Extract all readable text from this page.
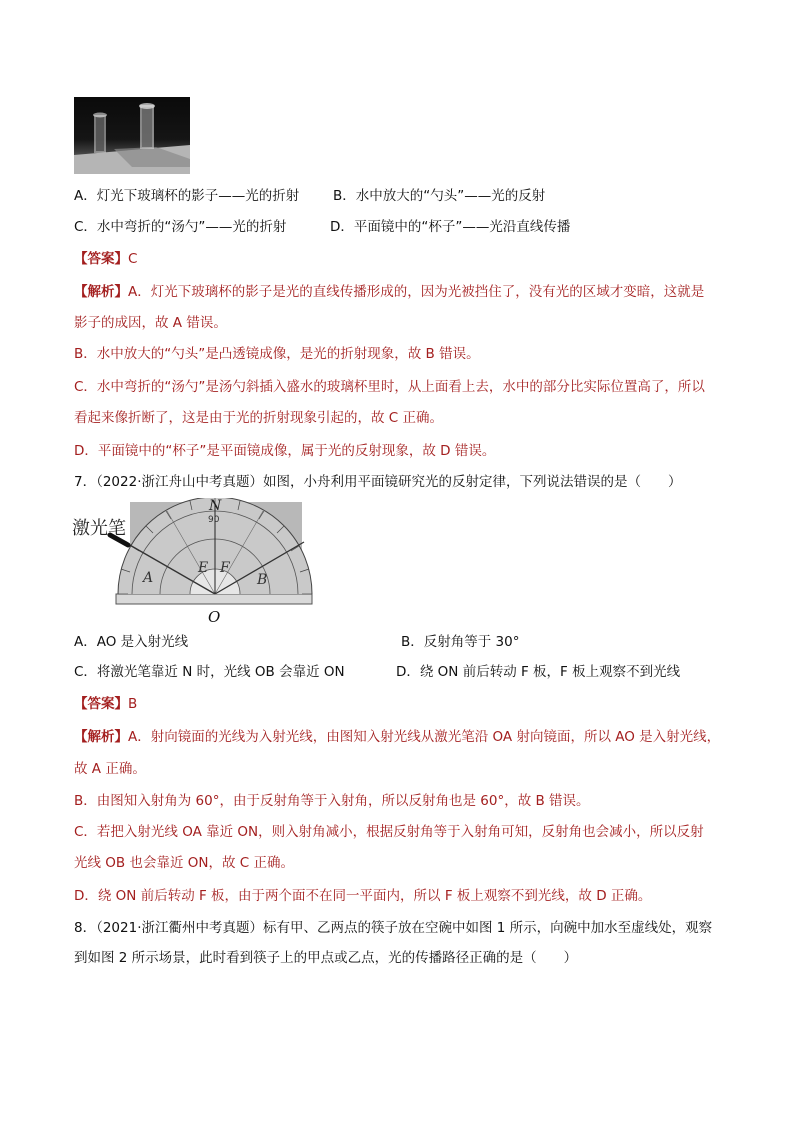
A．灯光下玻璃杯的影子——光的折射	B．水中放大的“勺头”——光的反射
C．水中弯折的“汤勺”——光的折射	D．平面镜中的“杯子”——光沿直线传播
【答案】C
【解析】A．灯光下玻璃杯的影子是光的直线传播形成的，因为光被挡住了，没有光的区域才变暗，这就是
影子的成因，故 A 错误。
B．水中放大的“勺头”是凸透镜成像，是光的折射现象，故 B 错误。
C．水中弯折的“汤勺”是汤勺斜插入盛水的玻璃杯里时，从上面看上去，水中的部分比实际位置高了，所以
看起来像折断了，这是由于光的折射现象引起的，故 C 正确。
D．平面镜中的“杯子”是平面镜成像，属于光的反射现象，故 D 错误。
7．（2022·浙江舟山中考真题）如图，小舟利用平面镜研究光的反射定律，下列说法错误的是（　　）
激光笔
N
90
A	B
E F
O
A．AO 是入射光线	B．反射角等于 30°
C．将激光笔靠近 N 时，光线 OB 会靠近 ON	D．绕 ON 前后转动 F 板，F 板上观察不到光线
【答案】B
【解析】A．射向镜面的光线为入射光线，由图知入射光线从激光笔沿 OA 射向镜面，所以 AO 是入射光线，
故 A 正确。
B．由图知入射角为 60°，由于反射角等于入射角，所以反射角也是 60°，故 B 错误。
C．若把入射光线 OA 靠近 ON，则入射角减小，根据反射角等于入射角可知，反射角也会减小，所以反射
光线 OB 也会靠近 ON，故 C 正确。
D．绕 ON 前后转动 F 板，由于两个面不在同一平面内，所以 F 板上观察不到光线，故 D 正确。
8．（2021·浙江衢州中考真题）标有甲、乙两点的筷子放在空碗中如图 1 所示，向碗中加水至虚线处，观察
到如图 2 所示场景，此时看到筷子上的甲点或乙点，光的传播路径正确的是（　　）
